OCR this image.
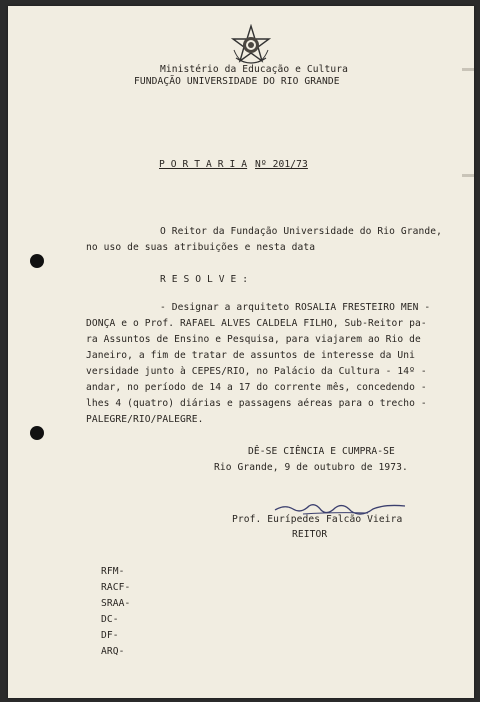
Ministério da Educação e Cultura
FUNDAÇÃO UNIVERSIDADE DO RIO GRANDE
P O R T A R I A Nº 201/73
O Reitor da Fundação Universidade do Rio Grande,
no uso de suas atribuições e nesta data
R E S O L V E :
- Designar a arquiteto ROSALIA FRESTEIRO MEN -
DONÇA e o Prof. RAFAEL ALVES CALDELA FILHO, Sub-Reitor pa-
ra Assuntos de Ensino e Pesquisa, para viajarem ao Rio de
Janeiro, a fim de tratar de assuntos de interesse da Uni
versidade junto à CEPES/RIO, no Palácio da Cultura - 14º -
andar, no período de 14 a 17 do corrente mês, concedendo -
lhes 4 (quatro) diárias e passagens aéreas para o trecho -
PALEGRE/RIO/PALEGRE.
DÊ-SE CIÊNCIA E CUMPRA-SE
Rio Grande, 9 de outubro de 1973.
Prof. Eurípedes Falcão Vieira
REITOR
RFM-
RACF-
SRAA-
DC-
DF-
ARQ-
